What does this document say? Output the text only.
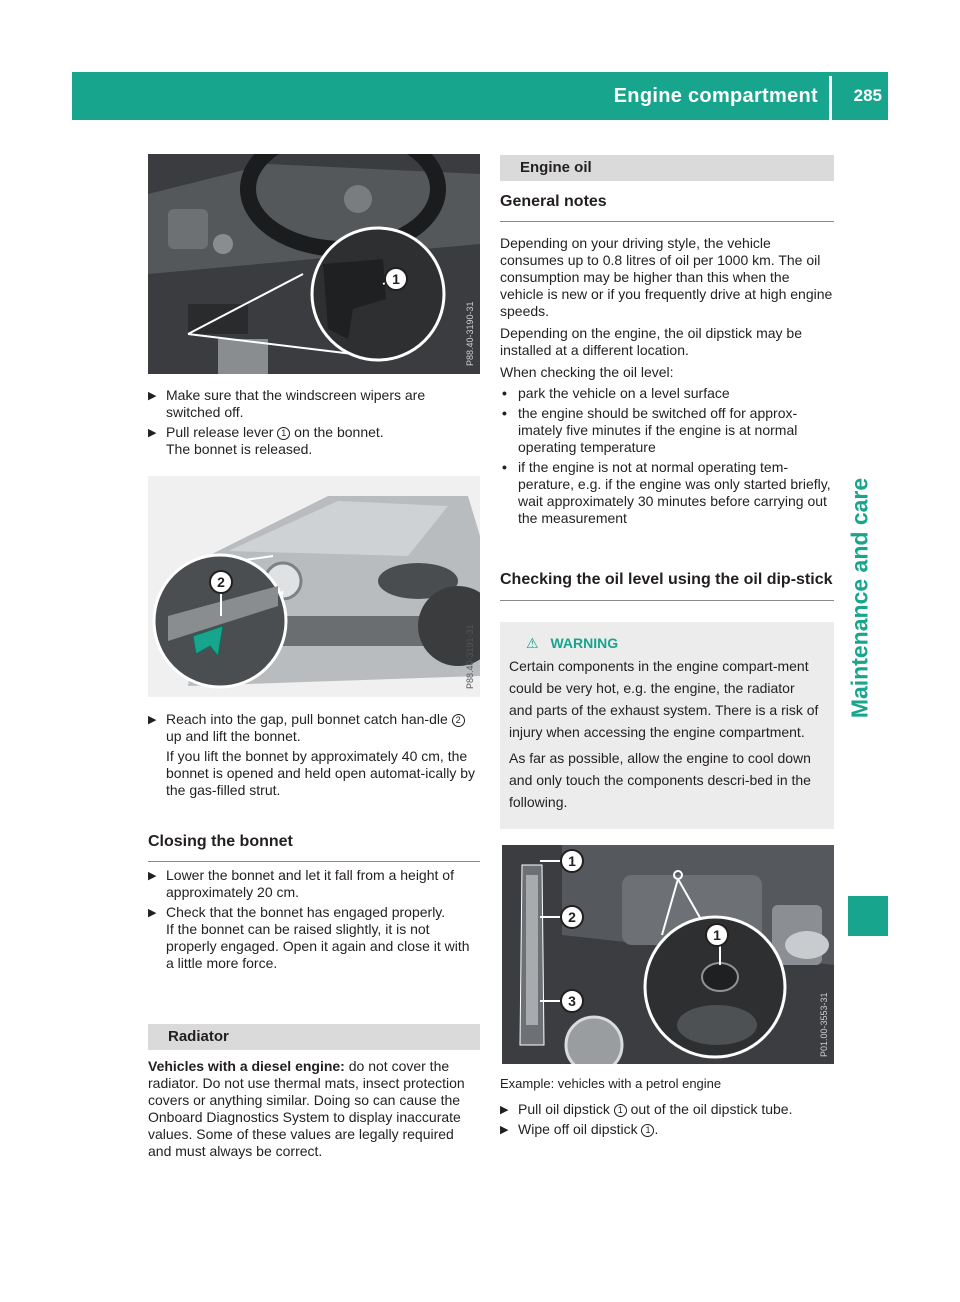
Engine compartment 285
Maintenance and care
1
P88.40-3190-31
▶ Make sure that the windscreen wipers are switched off.
▶ Pull release lever 1 on the bonnet.
The bonnet is released.
2
P88.40-3191-31
▶ Reach into the gap, pull bonnet catch han-dle 2 up and lift the bonnet.
If you lift the bonnet by approximately 40 cm, the bonnet is opened and held open automat-ically by the gas-filled strut.
Closing the bonnet
▶ Lower the bonnet and let it fall from a height of approximately 20 cm.
▶ Check that the bonnet has engaged properly.
If the bonnet can be raised slightly, it is not properly engaged. Open it again and close it with a little more force.
Radiator
Vehicles with a diesel engine: do not cover the radiator. Do not use thermal mats, insect protection covers or anything similar. Doing so can cause the Onboard Diagnostics System to display inaccurate values. Some of these values are legally required and must always be correct.
Engine oil
General notes
Depending on your driving style, the vehicle consumes up to 0.8 litres of oil per 1000 km. The oil consumption may be higher than this when the vehicle is new or if you frequently drive at high engine speeds.
Depending on the engine, the oil dipstick may be installed at a different location.
When checking the oil level:
• park the vehicle on a level surface
• the engine should be switched off for approx-imately five minutes if the engine is at normal operating temperature
• if the engine is not at normal operating tem-perature, e.g. if the engine was only started briefly, wait approximately 30 minutes before carrying out the measurement
Checking the oil level using the oil dip-stick
⚠ WARNING
Certain components in the engine compart-ment could be very hot, e.g. the engine, the radiator and parts of the exhaust system. There is a risk of injury when accessing the engine compartment.
As far as possible, allow the engine to cool down and only touch the components descri-bed in the following.
1
2
3
1
P01.00-3553-31
Example: vehicles with a petrol engine
▶ Pull oil dipstick 1 out of the oil dipstick tube.
▶ Wipe off oil dipstick 1 .
